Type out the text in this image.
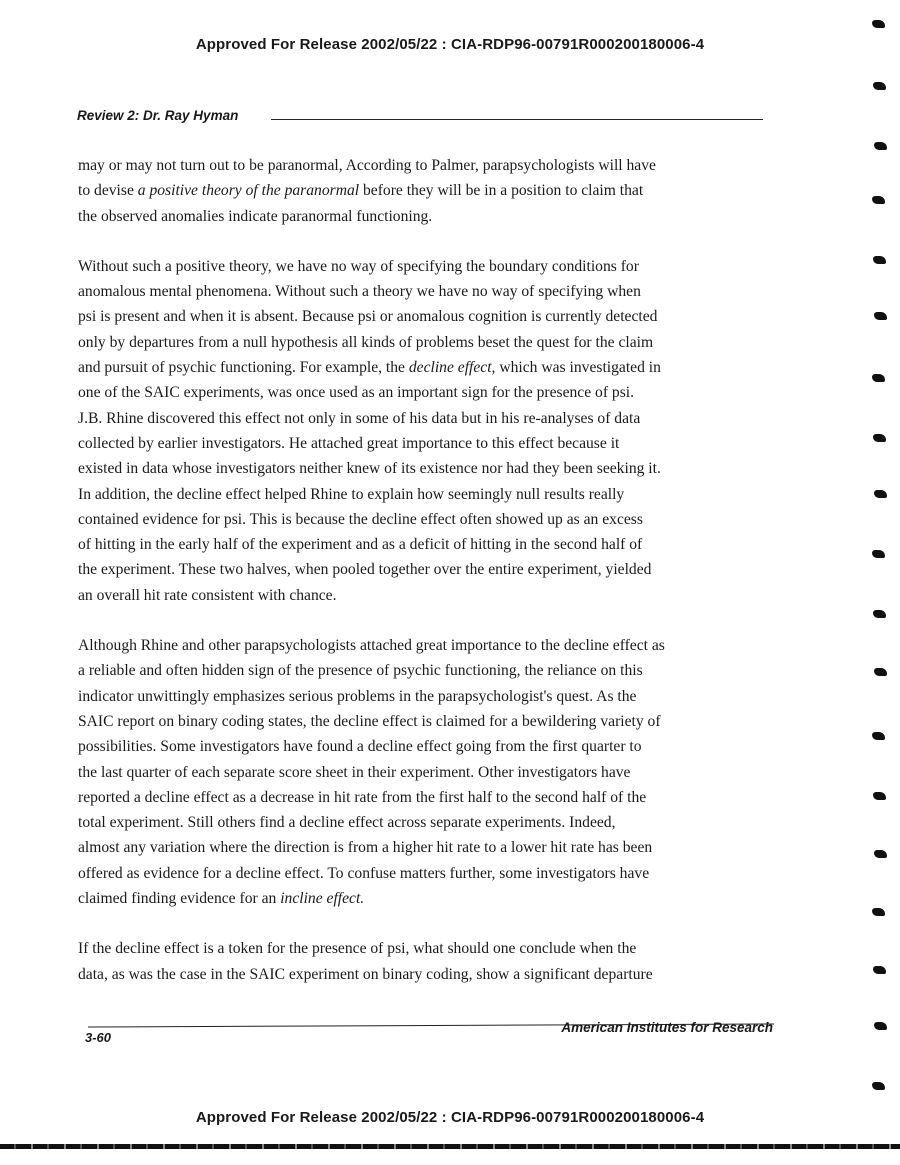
Approved For Release 2002/05/22 : CIA-RDP96-00791R000200180006-4
Review 2: Dr. Ray Hyman

may or may not turn out to be paranormal, According to Palmer, parapsychologists will have
to devise a positive theory of the paranormal before they will be in a position to claim that
the observed anomalies indicate paranormal functioning.

Without such a positive theory, we have no way of specifying the boundary conditions for
anomalous mental phenomena. Without such a theory we have no way of specifying when
psi is present and when it is absent. Because psi or anomalous cognition is currently detected
only by departures from a null hypothesis all kinds of problems beset the quest for the claim
and pursuit of psychic functioning. For example, the decline effect, which was investigated in
one of the SAIC experiments, was once used as an important sign for the presence of psi.
J.B. Rhine discovered this effect not only in some of his data but in his re-analyses of data
collected by earlier investigators. He attached great importance to this effect because it
existed in data whose investigators neither knew of its existence nor had they been seeking it.
In addition, the decline effect helped Rhine to explain how seemingly null results really
contained evidence for psi. This is because the decline effect often showed up as an excess
of hitting in the early half of the experiment and as a deficit of hitting in the second half of
the experiment. These two halves, when pooled together over the entire experiment, yielded
an overall hit rate consistent with chance.

Although Rhine and other parapsychologists attached great importance to the decline effect as
a reliable and often hidden sign of the presence of psychic functioning, the reliance on this
indicator unwittingly emphasizes serious problems in the parapsychologist's quest. As the
SAIC report on binary coding states, the decline effect is claimed for a bewildering variety of
possibilities. Some investigators have found a decline effect going from the first quarter to
the last quarter of each separate score sheet in their experiment. Other investigators have
reported a decline effect as a decrease in hit rate from the first half to the second half of the
total experiment. Still others find a decline effect across separate experiments. Indeed,
almost any variation where the direction is from a higher hit rate to a lower hit rate has been
offered as evidence for a decline effect. To confuse matters further, some investigators have
claimed finding evidence for an incline effect.

If the decline effect is a token for the presence of psi, what should one conclude when the
data, as was the case in the SAIC experiment on binary coding, show a significant departure

3-60
American Institutes for Research
Approved For Release 2002/05/22 : CIA-RDP96-00791R000200180006-4
